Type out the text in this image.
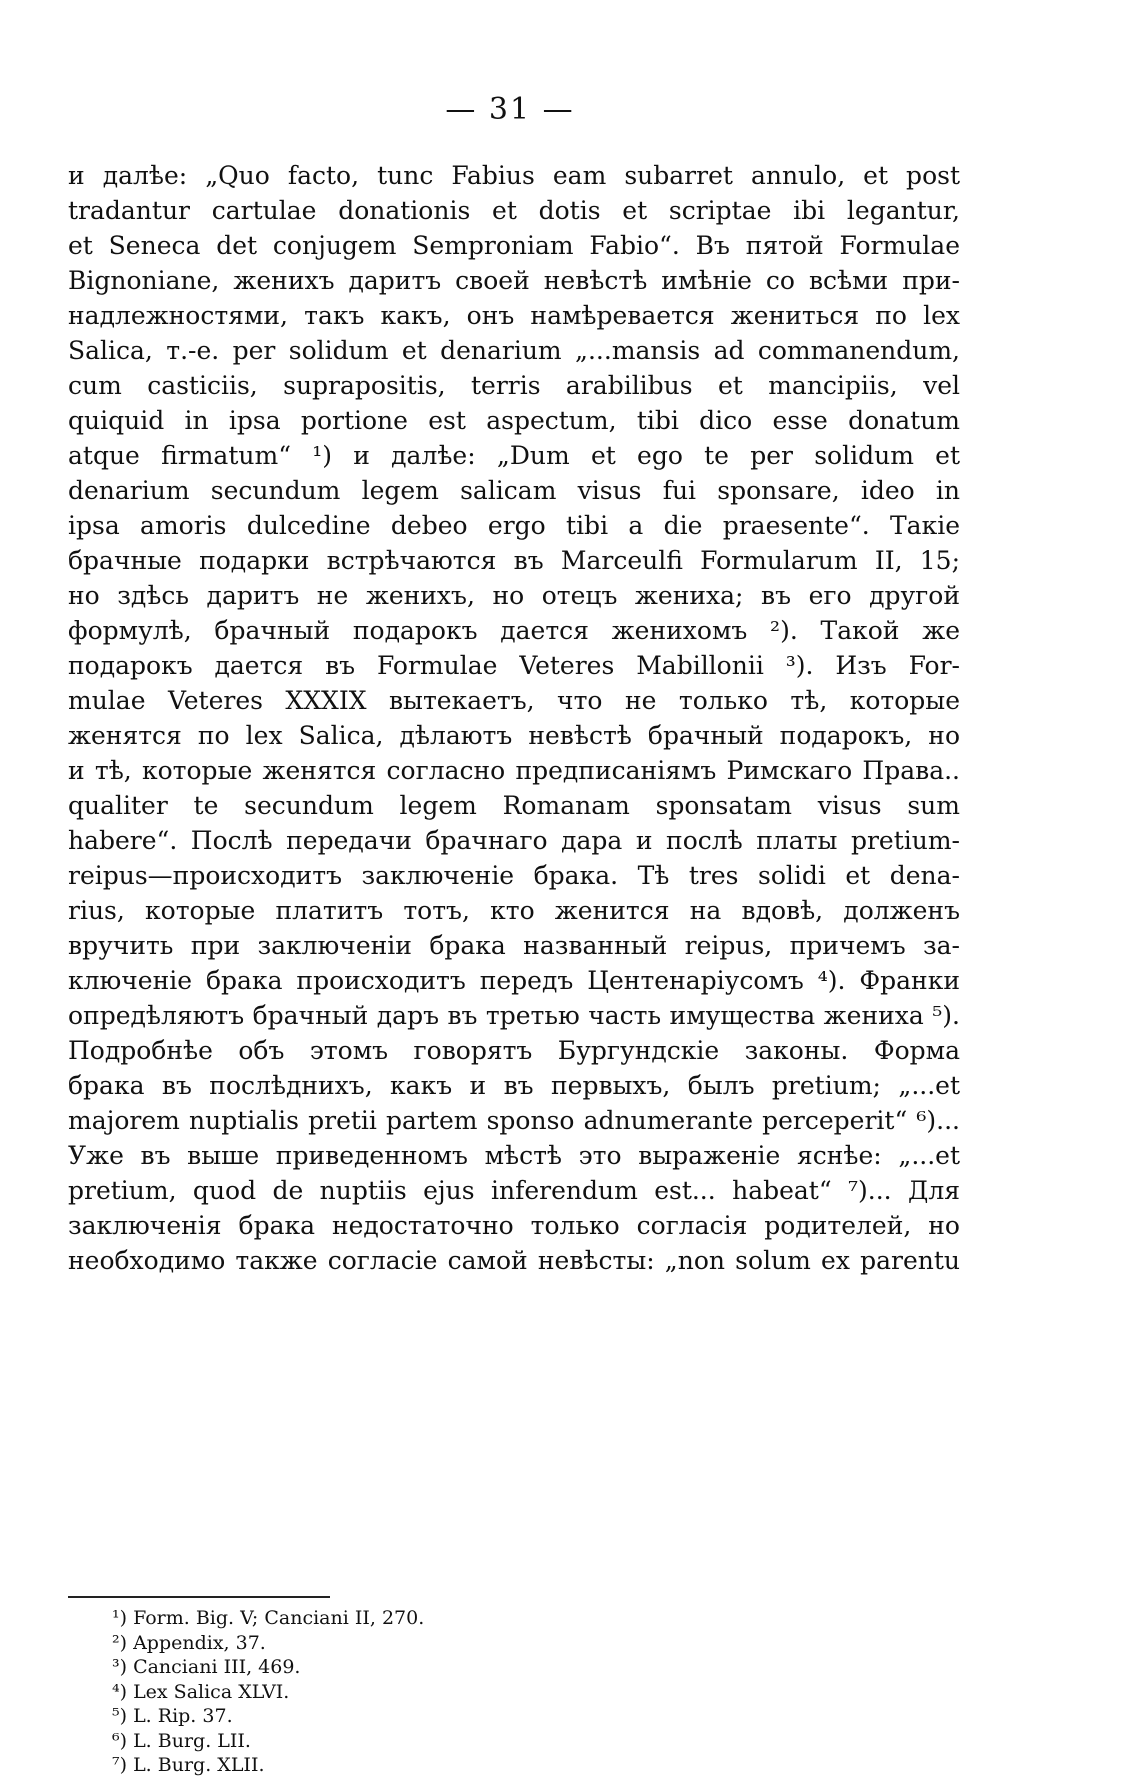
— 31 —
и далѣе: „Quo facto, tunc Fabius eam subarret annulo, et post
tradantur cartulae donationis et dotis et scriptae ibi legantur,
et Seneca det conjugem Semproniam Fabio“. Въ пятой Formulae
Bignoniane, женихъ даритъ своей невѣстѣ имѣніе со всѣми при-
надлежностями, такъ какъ, онъ намѣревается жениться по lex
Salica, т.-е. per solidum et denarium „...mansis ad commanendum,
cum casticiis, suprapositis, terris arabilibus et mancipiis, vel
quiquid in ipsa portione est aspectum, tibi dico esse donatum
atque firmatum“ ¹) и далѣе: „Dum et ego te per solidum et
denarium secundum legem salicam visus fui sponsare, ideo in
ipsa amoris dulcedine debeo ergo tibi a die praesente“. Такіе
брачные подарки встрѣчаются въ Marceulfi Formularum II, 15;
но здѣсь даритъ не женихъ, но отецъ жениха; въ его другой
формулѣ, брачный подарокъ дается женихомъ ²). Такой же
подарокъ дается въ Formulae Veteres Mabillonii ³). Изъ For-
mulae Veteres XXXIX вытекаетъ, что не только тѣ, которые
женятся по lex Salica, дѣлаютъ невѣстѣ брачный подарокъ, но
и тѣ, которые женятся согласно предписаніямъ Римскаго Права..
qualiter te secundum legem Romanam sponsatam visus sum
habere“. Послѣ передачи брачнаго дара и послѣ платы pretium-
reipus—происходитъ заключеніе брака. Тѣ tres solidi et dena-
rius, которые платитъ тотъ, кто женится на вдовѣ, долженъ
вручить при заключеніи брака названный reipus, причемъ за-
ключеніе брака происходитъ передъ Центенаріусомъ ⁴). Франки
опредѣляютъ брачный даръ въ третью часть имущества жениха ⁵).
Подробнѣе объ этомъ говорятъ Бургундскіе законы. Форма
брака въ послѣднихъ, какъ и въ первыхъ, былъ pretium; „...et
majorem nuptialis pretii partem sponso adnumerante perceperit“ ⁶)...
Уже въ выше приведенномъ мѣстѣ это выраженіе яснѣе: „...et
pretium, quod de nuptiis ejus inferendum est... habeat“ ⁷)... Для
заключенія брака недостаточно только согласія родителей, но
необходимо также согласіе самой невѣсты: „non solum ex parentu
¹) Form. Big. V; Canciani II, 270.
²) Appendix, 37.
³) Canciani III, 469.
⁴) Lex Salica XLVI.
⁵) L. Rip. 37.
⁶) L. Burg. LII.
⁷) L. Burg. XLII.
